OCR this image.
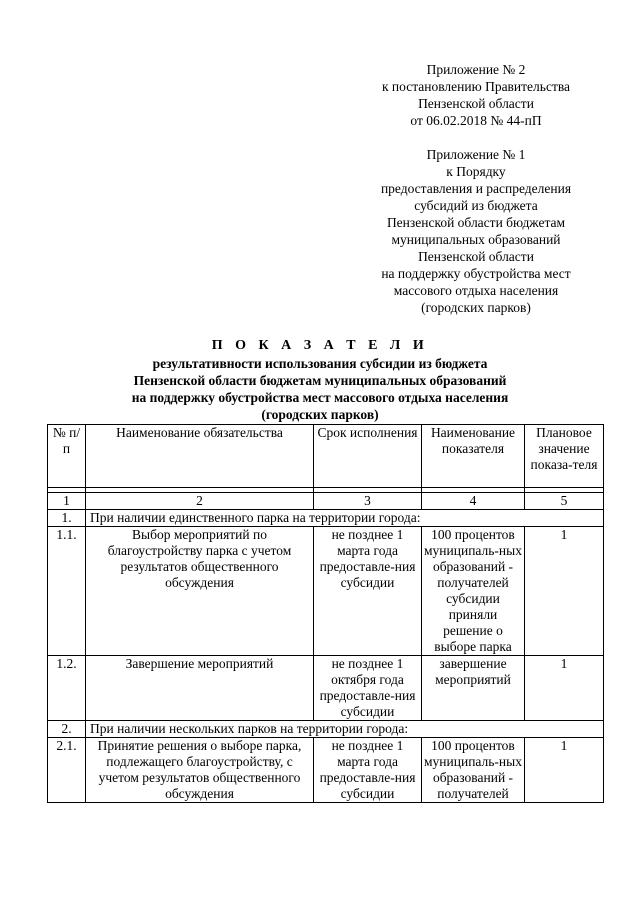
Приложение № 2
к постановлению Правительства
Пензенской области
от 06.02.2018 № 44-пП
Приложение № 1
к Порядку
предоставления и распределения
субсидий из бюджета
Пензенской области бюджетам
муниципальных образований
Пензенской области
на поддержку обустройства мест
массового отдыха населения
(городских парков)
П О К А З А Т Е Л И
результативности использования субсидии из бюджета
Пензенской области бюджетам муниципальных образований
на поддержку обустройства мест массового отдыха населения
(городских парков)
№ п/п	Наименование обязательства	Срок исполнения	Наименование показателя	Плановое значение показа-теля

1	2	3	4	5
1.	При наличии единственного парка на территории города:			
1.1.	Выбор мероприятий по благоустройству парка с учетом результатов общественного обсуждения	не позднее 1 марта года предоставле-ния субсидии	100 процентов муниципаль-ных образований - получателей субсидии приняли решение о выборе парка	1
1.2.	Завершение мероприятий	не позднее 1 октября года предоставле-ния субсидии	завершение мероприятий	1
2.	При наличии нескольких парков на территории города:			
2.1.	Принятие решения о выборе парка, подлежащего благоустройству, с учетом результатов общественного обсуждения	не позднее 1 марта года предоставле-ния субсидии	100 процентов муниципаль-ных образований - получателей	1
